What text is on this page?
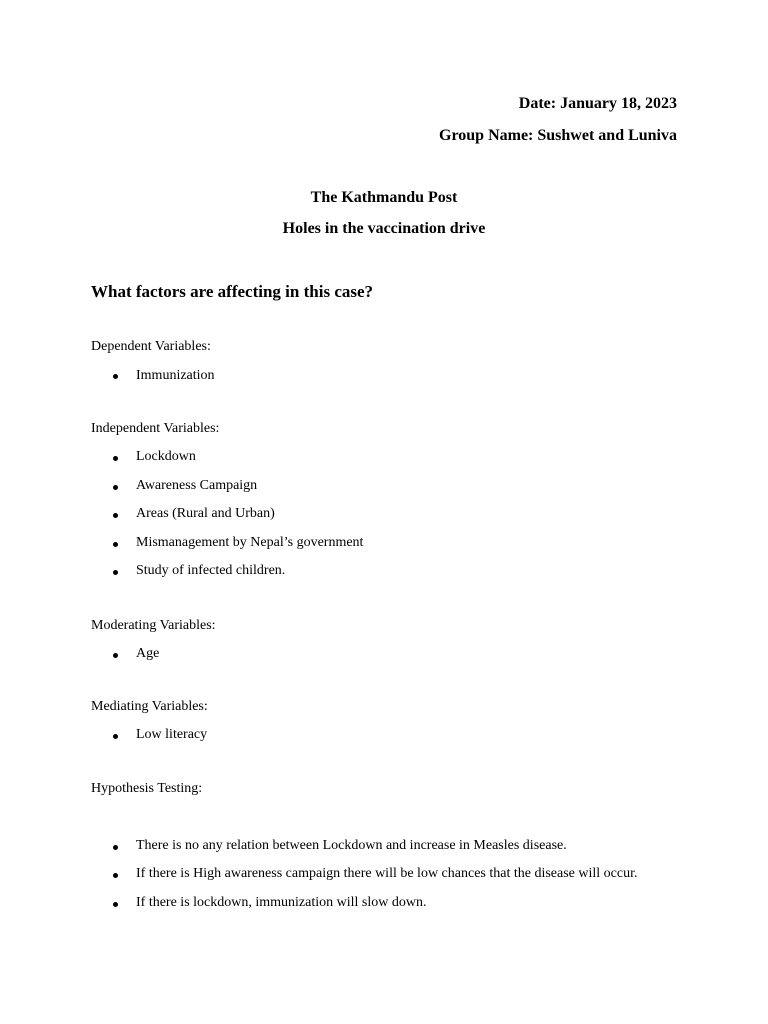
Date: January 18, 2023
Group Name: Sushwet and Luniva
The Kathmandu Post
Holes in the vaccination drive
What factors are affecting in this case?
Dependent Variables:
Immunization
Independent Variables:
Lockdown
Awareness Campaign
Areas (Rural and Urban)
Mismanagement by Nepal’s government
Study of infected children.
Moderating Variables:
Age
Mediating Variables:
Low literacy
Hypothesis Testing:
There is no any relation between Lockdown and increase in Measles disease.
If there is High awareness campaign there will be low chances that the disease will occur.
If there is lockdown, immunization will slow down.
